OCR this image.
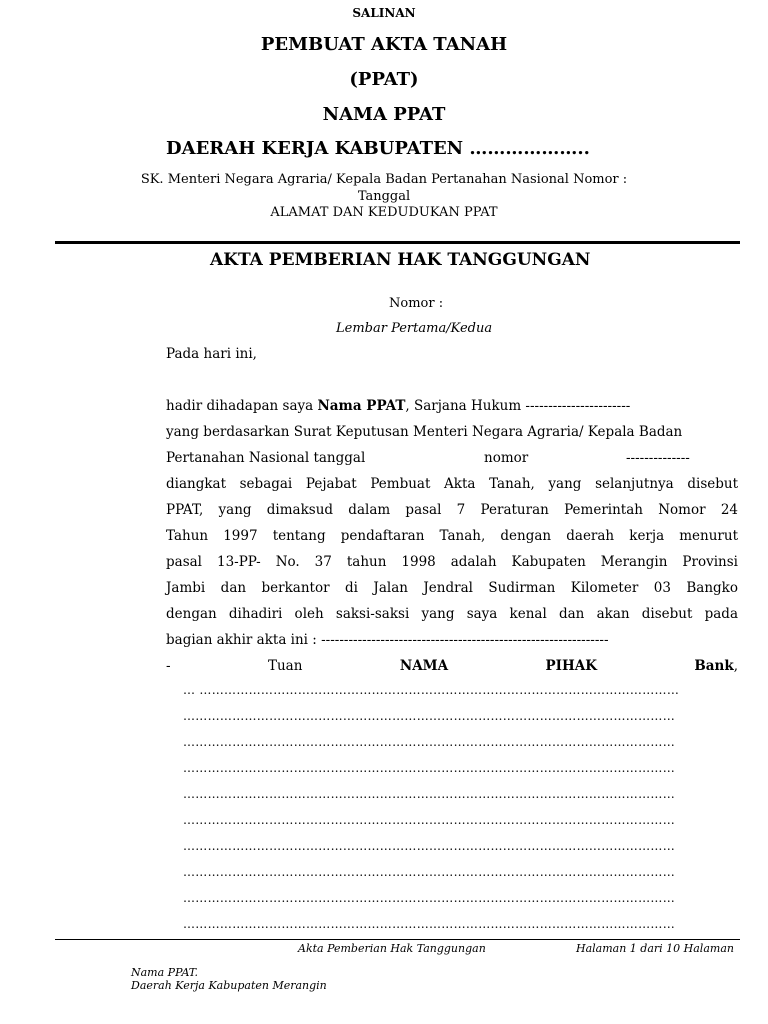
SALINAN
PEMBUAT AKTA TANAH
(PPAT)
NAMA PPAT
DAERAH KERJA KABUPATEN ………………..
SK. Menteri Negara Agraria/ Kepala Badan Pertanahan Nasional Nomor :
Tanggal
ALAMAT DAN KEDUDUKAN PPAT
AKTA PEMBERIAN HAK TANGGUNGAN
Nomor :
Lembar Pertama/Kedua
Pada hari ini,
hadir dihadapan saya Nama PPAT, Sarjana Hukum -----------------------
yang berdasarkan Surat Keputusan Menteri Negara Agraria/ Kepala Badan
Pertanahan Nasional tanggal	nomor	--------------
diangkat sebagai Pejabat Pembuat Akta Tanah, yang selanjutnya disebut
PPAT, yang dimaksud dalam pasal 7 Peraturan Pemerintah Nomor 24
Tahun 1997 tentang pendaftaran Tanah, dengan daerah kerja menurut
pasal 13-PP- No. 37 tahun 1998 adalah Kabupaten Merangin Provinsi
Jambi dan berkantor di Jalan Jendral Sudirman Kilometer 03 Bangko
dengan dihadiri oleh saksi-saksi yang saya kenal dan akan disebut pada
bagian akhir akta ini : ---------------------------------------------------------------
-	Tuan	NAMA	PIHAK	Bank,
… ………………………………………………………………………………………………………
…………………………………………………………………………………………………………
…………………………………………………………………………………………………………
…………………………………………………………………………………………………………
…………………………………………………………………………………………………………
…………………………………………………………………………………………………………
…………………………………………………………………………………………………………
…………………………………………………………………………………………………………
…………………………………………………………………………………………………………
…………………………………………………………………………………………………………
Akta Pemberian Hak Tanggungan	Halaman 1 dari 10 Halaman
Nama PPAT.
Daerah Kerja Kabupaten Merangin
